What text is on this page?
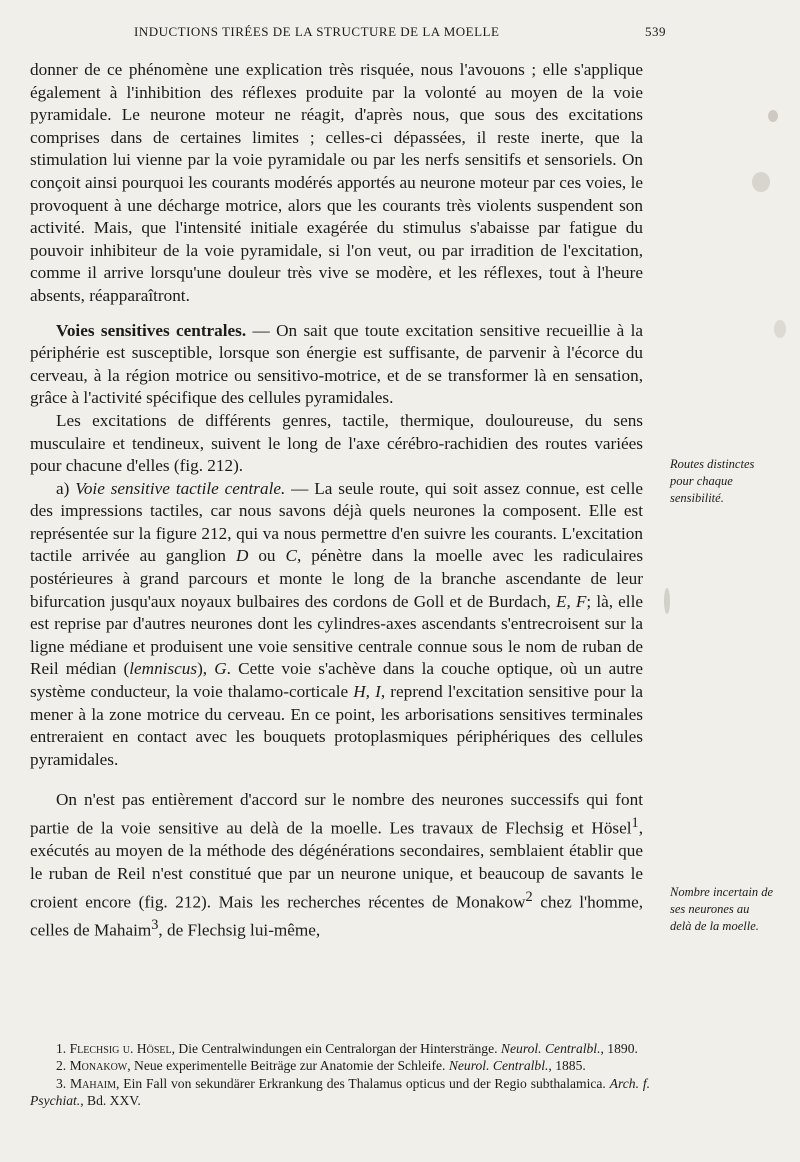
INDUCTIONS TIRÉES DE LA STRUCTURE DE LA MOELLE	539

donner de ce phénomène une explication très risquée, nous l'avouons ; elle s'applique également à l'inhibition des réflexes produite par la volonté au moyen de la voie pyramidale. Le neurone moteur ne réagit, d'après nous, que sous des excitations comprises dans de certaines limites ; celles-ci dépassées, il reste inerte, que la stimulation lui vienne par la voie pyramidale ou par les nerfs sensitifs et sensoriels. On conçoit ainsi pourquoi les courants modérés apportés au neurone moteur par ces voies, le provoquent à une décharge motrice, alors que les courants très violents suspendent son activité. Mais, que l'intensité initiale exagérée du stimulus s'abaisse par fatigue du pouvoir inhibiteur de la voie pyramidale, si l'on veut, ou par irradition de l'excitation, comme il arrive lorsqu'une douleur très vive se modère, et les réflexes, tout à l'heure absents, réapparaîtront.

Voies sensitives centrales. — On sait que toute excitation sensitive recueillie à la périphérie est susceptible, lorsque son énergie est suffisante, de parvenir à l'écorce du cerveau, à la région motrice ou sensitivo-motrice, et de se transformer là en sensation, grâce à l'activité spécifique des cellules pyramidales.

Les excitations de différents genres, tactile, thermique, douloureuse, du sens musculaire et tendineux, suivent le long de l'axe cérébro-rachidien des routes variées pour chacune d'elles (fig. 212).

a) Voie sensitive tactile centrale. — La seule route, qui soit assez connue, est celle des impressions tactiles, car nous savons déjà quels neurones la composent. Elle est représentée sur la figure 212, qui va nous permettre d'en suivre les courants. L'excitation tactile arrivée au ganglion D ou C, pénètre dans la moelle avec les radiculaires postérieures à grand parcours et monte le long de la branche ascendante de leur bifurcation jusqu'aux noyaux bulbaires des cordons de Goll et de Burdach, E, F; là, elle est reprise par d'autres neurones dont les cylindres-axes ascendants s'entrecroisent sur la ligne médiane et produisent une voie sensitive centrale connue sous le nom de ruban de Reil médian (lemniscus), G. Cette voie s'achève dans la couche optique, où un autre système conducteur, la voie thalamo-corticale H, I, reprend l'excitation sensitive pour la mener à la zone motrice du cerveau. En ce point, les arborisations sensitives terminales entreraient en contact avec les bouquets protoplasmiques périphériques des cellules pyramidales.

On n'est pas entièrement d'accord sur le nombre des neurones successifs qui font partie de la voie sensitive au delà de la moelle. Les travaux de Flechsig et Hösel$^1$, exécutés au moyen de la méthode des dégénérations secondaires, semblaient établir que le ruban de Reil n'est constitué que par un neurone unique, et beaucoup de savants le croient encore (fig. 212). Mais les recherches récentes de Monakow$^2$ chez l'homme, celles de Mahaim$^3$, de Flechsig lui-même,

Routes distinctes pour chaque sensibilité.
Nombre incertain de ses neurones au delà de la moelle.

1. Flechsig u. Hösel, Die Centralwindungen ein Centralorgan der Hinterstränge. Neurol. Centralbl., 1890.

2. Monakow, Neue experimentelle Beiträge zur Anatomie der Schleife. Neurol. Centralbl., 1885.

3. Mahaim, Ein Fall von sekundärer Erkrankung des Thalamus opticus und der Regio subthalamica. Arch. f. Psychiat., Bd. XXV.
